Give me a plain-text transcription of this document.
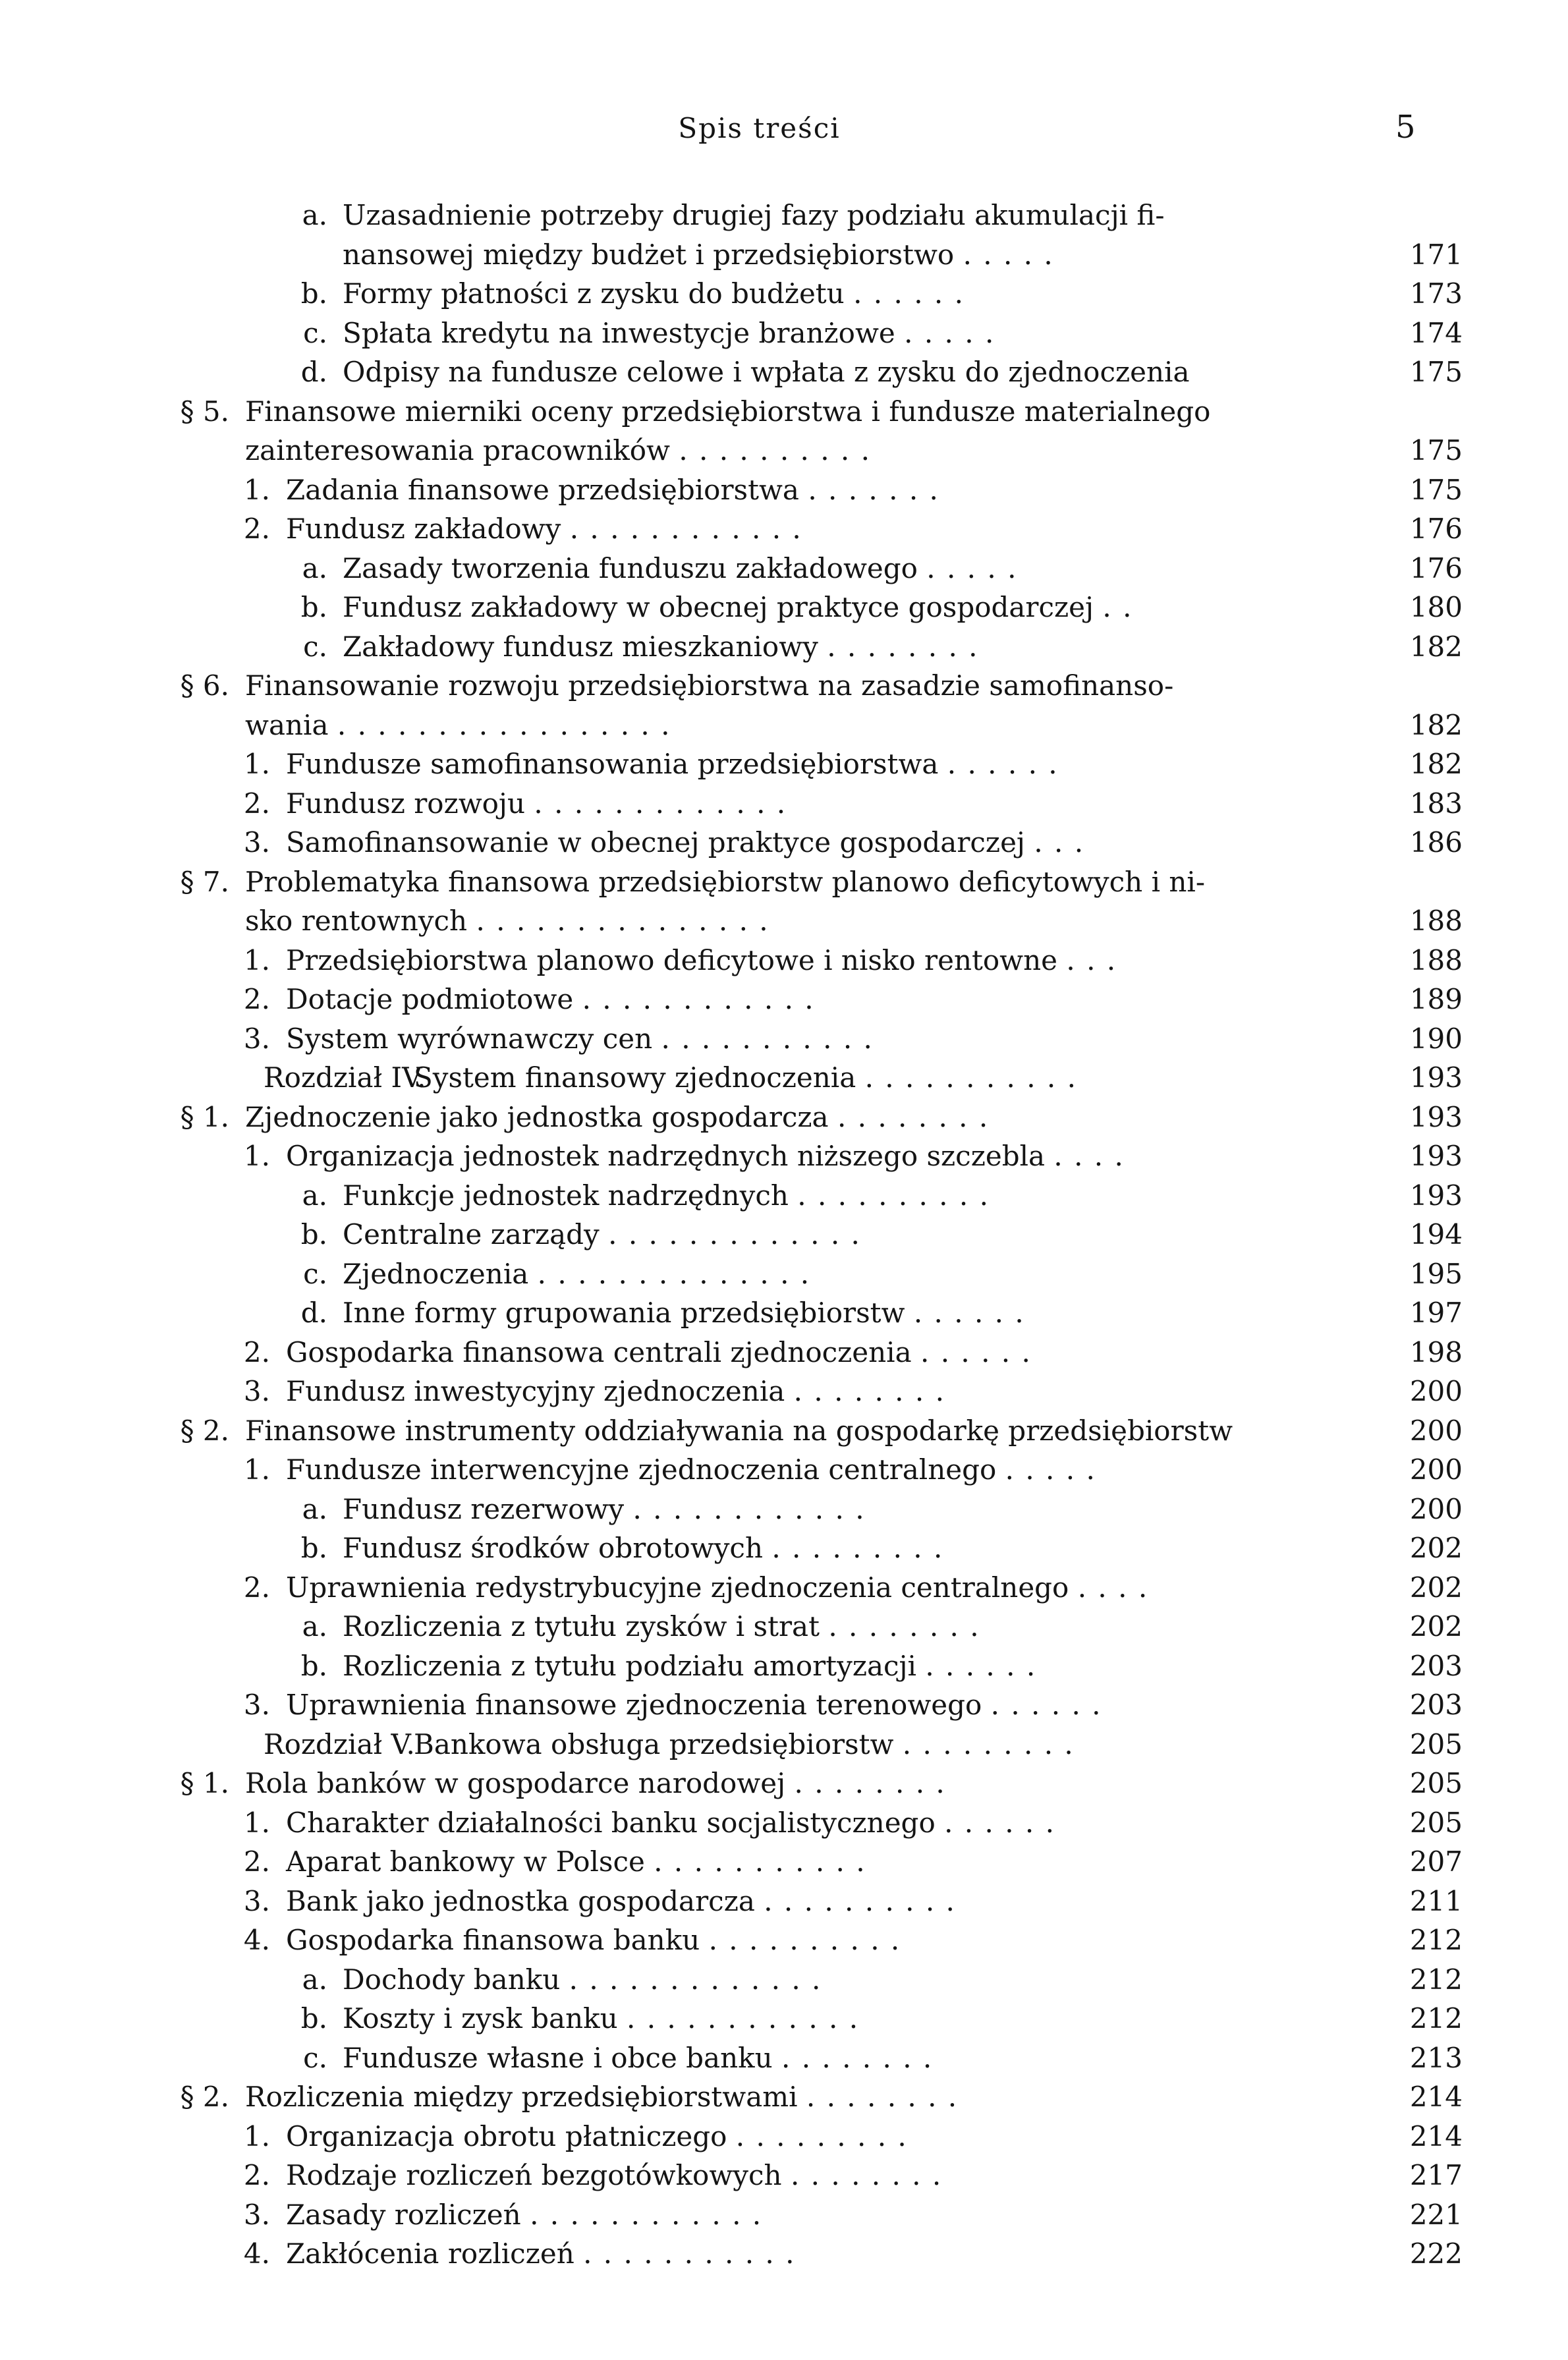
Spis treści	5
a. Uzasadnienie potrzeby drugiej fazy podziału akumulacji fi-
nansowej między budżet i przedsiębiorstwo . . . . .	171
b. Formy płatności z zysku do budżetu . . . . . .	173
c. Spłata kredytu na inwestycje branżowe . . . . .	174
d. Odpisy na fundusze celowe i wpłata z zysku do zjednoczenia	175
§ 5. Finansowe mierniki oceny przedsiębiorstwa i fundusze materialnego
zainteresowania pracowników . . . . . . . . . .	175
1. Zadania finansowe przedsiębiorstwa . . . . . . .	175
2. Fundusz zakładowy . . . . . . . . . . . .	176
a. Zasady tworzenia funduszu zakładowego . . . . .	176
b. Fundusz zakładowy w obecnej praktyce gospodarczej . .	180
c. Zakładowy fundusz mieszkaniowy . . . . . . . .	182
§ 6. Finansowanie rozwoju przedsiębiorstwa na zasadzie samofinanso-
wania . . . . . . . . . . . . . . . . .	182
1. Fundusze samofinansowania przedsiębiorstwa . . . . . .	182
2. Fundusz rozwoju . . . . . . . . . . . . .	183
3. Samofinansowanie w obecnej praktyce gospodarczej . . .	186
§ 7. Problematyka finansowa przedsiębiorstw planowo deficytowych i ni-
sko rentownych . . . . . . . . . . . . . . .	188
1. Przedsiębiorstwa planowo deficytowe i nisko rentowne . . .	188
2. Dotacje podmiotowe . . . . . . . . . . . .	189
3. System wyrównawczy cen . . . . . . . . . . .	190
Rozdział IV.
System finansowy zjednoczenia . . . . . . . . . . .	193
§ 1. Zjednoczenie jako jednostka gospodarcza . . . . . . . .	193
1. Organizacja jednostek nadrzędnych niższego szczebla . . . .	193
a. Funkcje jednostek nadrzędnych . . . . . . . . . .	193
b. Centralne zarządy . . . . . . . . . . . . .	194
c. Zjednoczenia . . . . . . . . . . . . . .	195
d. Inne formy grupowania przedsiębiorstw . . . . . .	197
2. Gospodarka finansowa centrali zjednoczenia . . . . . .	198
3. Fundusz inwestycyjny zjednoczenia . . . . . . . .	200
§ 2. Finansowe instrumenty oddziaływania na gospodarkę przedsiębiorstw	200
1. Fundusze interwencyjne zjednoczenia centralnego . . . . .	200
a. Fundusz rezerwowy . . . . . . . . . . . .	200
b. Fundusz środków obrotowych . . . . . . . . .	202
2. Uprawnienia redystrybucyjne zjednoczenia centralnego . . . .	202
a. Rozliczenia z tytułu zysków i strat . . . . . . . .	202
b. Rozliczenia z tytułu podziału amortyzacji . . . . . .	203
3. Uprawnienia finansowe zjednoczenia terenowego . . . . . .	203
Rozdział V.
Bankowa obsługa przedsiębiorstw . . . . . . . . .	205
§ 1. Rola banków w gospodarce narodowej . . . . . . . .	205
1. Charakter działalności banku socjalistycznego . . . . . .	205
2. Aparat bankowy w Polsce . . . . . . . . . . .	207
3. Bank jako jednostka gospodarcza . . . . . . . . . .	211
4. Gospodarka finansowa banku . . . . . . . . . .	212
a. Dochody banku . . . . . . . . . . . . .	212
b. Koszty i zysk banku . . . . . . . . . . . .	212
c. Fundusze własne i obce banku . . . . . . . .	213
§ 2. Rozliczenia między przedsiębiorstwami . . . . . . . .	214
1. Organizacja obrotu płatniczego . . . . . . . . .	214
2. Rodzaje rozliczeń bezgotówkowych . . . . . . . .	217
3. Zasady rozliczeń . . . . . . . . . . . .	221
4. Zakłócenia rozliczeń . . . . . . . . . . .	222
